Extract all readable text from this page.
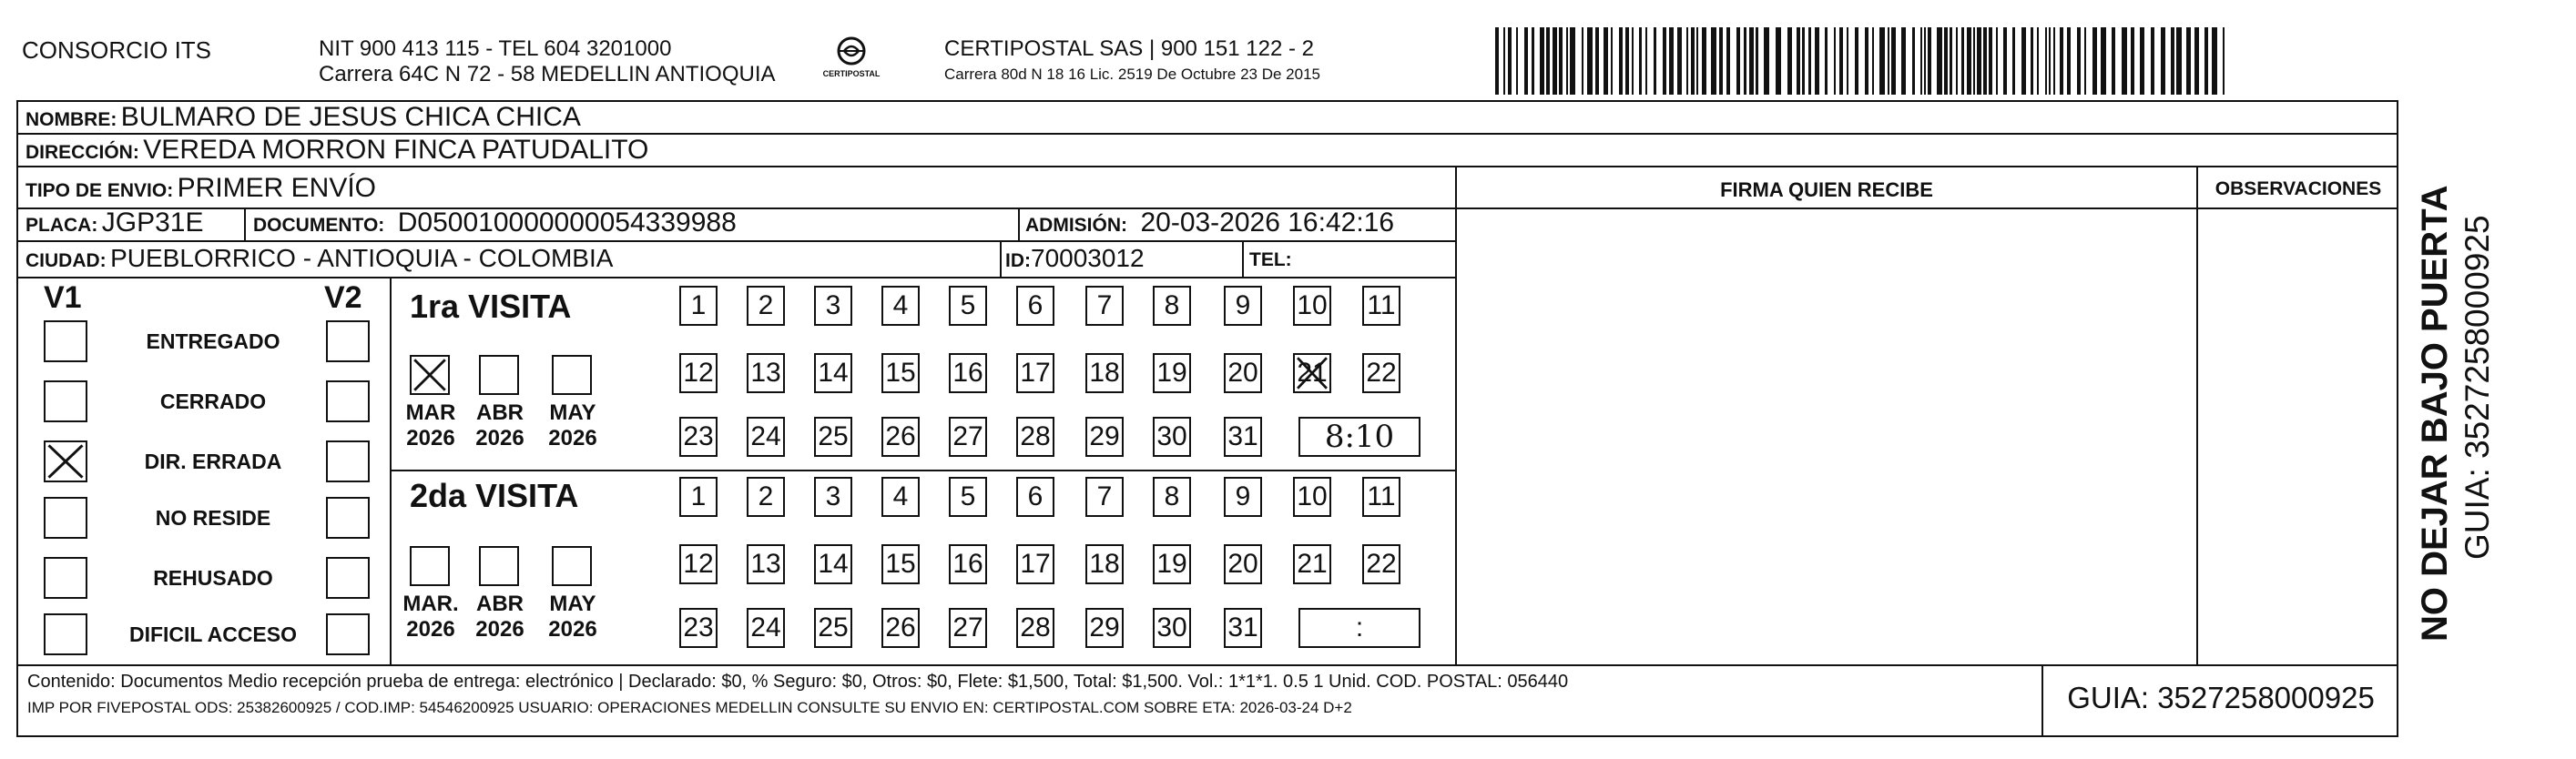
CONSORCIO ITS	NIT 900 413 115 - TEL 604 3201000
Carrera 64C N 72 - 58 MEDELLIN ANTIOQUIA	CERTIPOSTAL
CERTIPOSTAL SAS | 900 151 122 - 2
Carrera 80d N 18 16 Lic. 2519 De Octubre 23 De 2015
NOMBRE: BULMARO DE JESUS CHICA CHICA
DIRECCIÓN: VEREDA MORRON FINCA PATUDALITO
TIPO DE ENVIO: PRIMER ENVÍO
PLACA: JGP31E	DOCUMENTO: D050010000000054339988	ADMISIÓN: 20-03-2026 16:42:16
CIUDAD: PUEBLORRICO - ANTIOQUIA - COLOMBIA	ID:70003012	TEL:
FIRMA QUIEN RECIBE	OBSERVACIONES
V1	V2
ENTREGADO
CERRADO
DIR. ERRADA
NO RESIDE
REHUSADO
DIFICIL ACCESO
1ra VISITA
2da VISITA
MAR
2026
ABR
2026
MAY
2026
1	2	3	4	5	6	7	8	9	10 11
12 13 14 15 16 17 18 19 20 21 22
23 24 25 26 27 28 29 30 31	8:10
MAR.
2026
ABR
2026
MAY
2026
1	2	3	4	5	6	7	8	9	10 11
12 13 14 15 16 17 18 19 20 21 22
23 24 25 26 27 28 29 30 31	:
Contenido: Documentos Medio recepción prueba de entrega: electrónico | Declarado: $0, % Seguro: $0, Otros: $0, Flete: $1,500, Total: $1,500. Vol.: 1*1*1. 0.5 1 Unid. COD. POSTAL: 056440
IMP POR FIVEPOSTAL ODS: 25382600925 / COD.IMP: 54546200925 USUARIO: OPERACIONES MEDELLIN CONSULTE SU ENVIO EN: CERTIPOSTAL.COM SOBRE ETA: 2026-03-24 D+2	GUIA: 3527258000925
NO DEJAR BAJO PUERTA GUIA: 3527258000925
